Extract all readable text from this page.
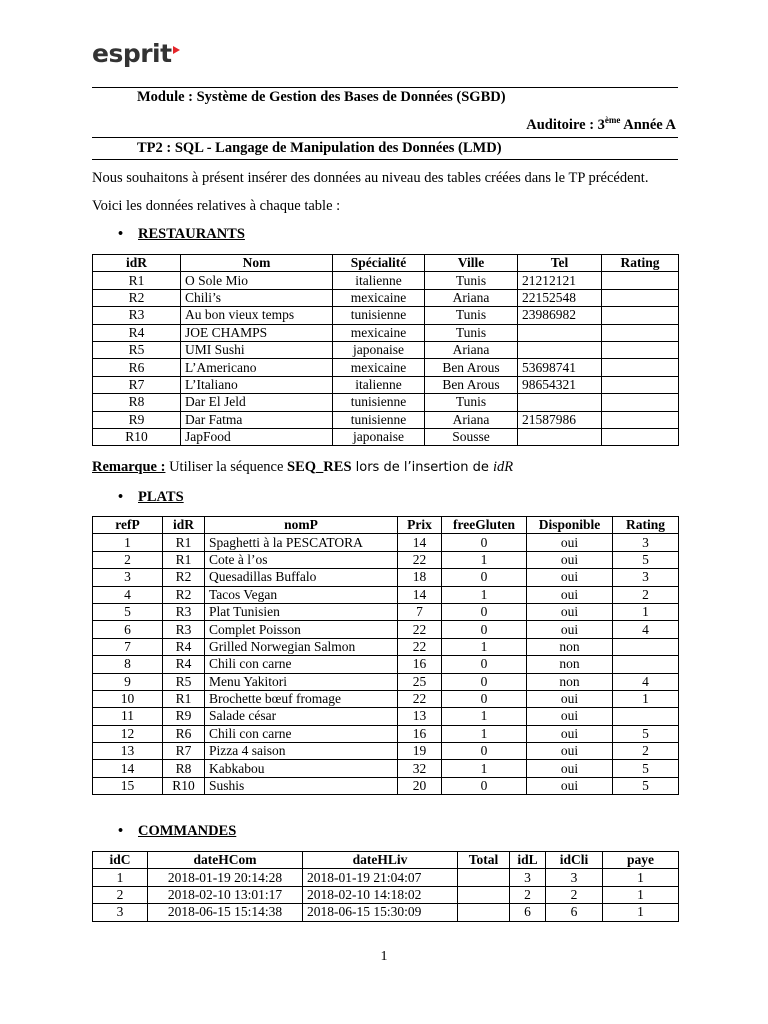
esprit
Module : Système de Gestion des Bases de Données (SGBD)
Auditoire : 3ème Année A
TP2 : SQL - Langage de Manipulation des Données (LMD)
Nous souhaitons à présent insérer des données au niveau des tables créées dans le TP précédent.
Voici les données relatives à chaque table :
• RESTAURANTS
idR	Nom	Spécialité	Ville	Tel	Rating
R1	O Sole Mio	italienne	Tunis	21212121	
R2	Chili’s	mexicaine	Ariana	22152548	
R3	Au bon vieux temps	tunisienne	Tunis	23986982	
R4	JOE CHAMPS	mexicaine	Tunis		
R5	UMI Sushi	japonaise	Ariana		
R6	L’Americano	mexicaine	Ben Arous	53698741	
R7	L’Italiano	italienne	Ben Arous	98654321	
R8	Dar El Jeld	tunisienne	Tunis		
R9	Dar Fatma	tunisienne	Ariana	21587986	
R10	JapFood	japonaise	Sousse		
Remarque : Utiliser la séquence SEQ_RES lors de l’insertion de idR
• PLATS
refP	idR	nomP	Prix	freeGluten	Disponible	Rating
1	R1	Spaghetti à la PESCATORA	14	0	oui	3
2	R1	Cote à l’os	22	1	oui	5
3	R2	Quesadillas Buffalo	18	0	oui	3
4	R2	Tacos Vegan	14	1	oui	2
5	R3	Plat Tunisien	7	0	oui	1
6	R3	Complet Poisson	22	0	oui	4
7	R4	Grilled Norwegian Salmon	22	1	non	
8	R4	Chili con carne	16	0	non	
9	R5	Menu Yakitori	25	0	non	4
10	R1	Brochette bœuf fromage	22	0	oui	1
11	R9	Salade césar	13	1	oui	
12	R6	Chili con carne	16	1	oui	5
13	R7	Pizza 4 saison	19	0	oui	2
14	R8	Kabkabou	32	1	oui	5
15	R10	Sushis	20	0	oui	5
• COMMANDES
idC	dateHCom	dateHLiv	Total	idL	idCli	paye
1	2018-01-19 20:14:28	2018-01-19 21:04:07		3	3	1
2	2018-02-10 13:01:17	2018-02-10 14:18:02		2	2	1
3	2018-06-15 15:14:38	2018-06-15 15:30:09		6	6	1
1
